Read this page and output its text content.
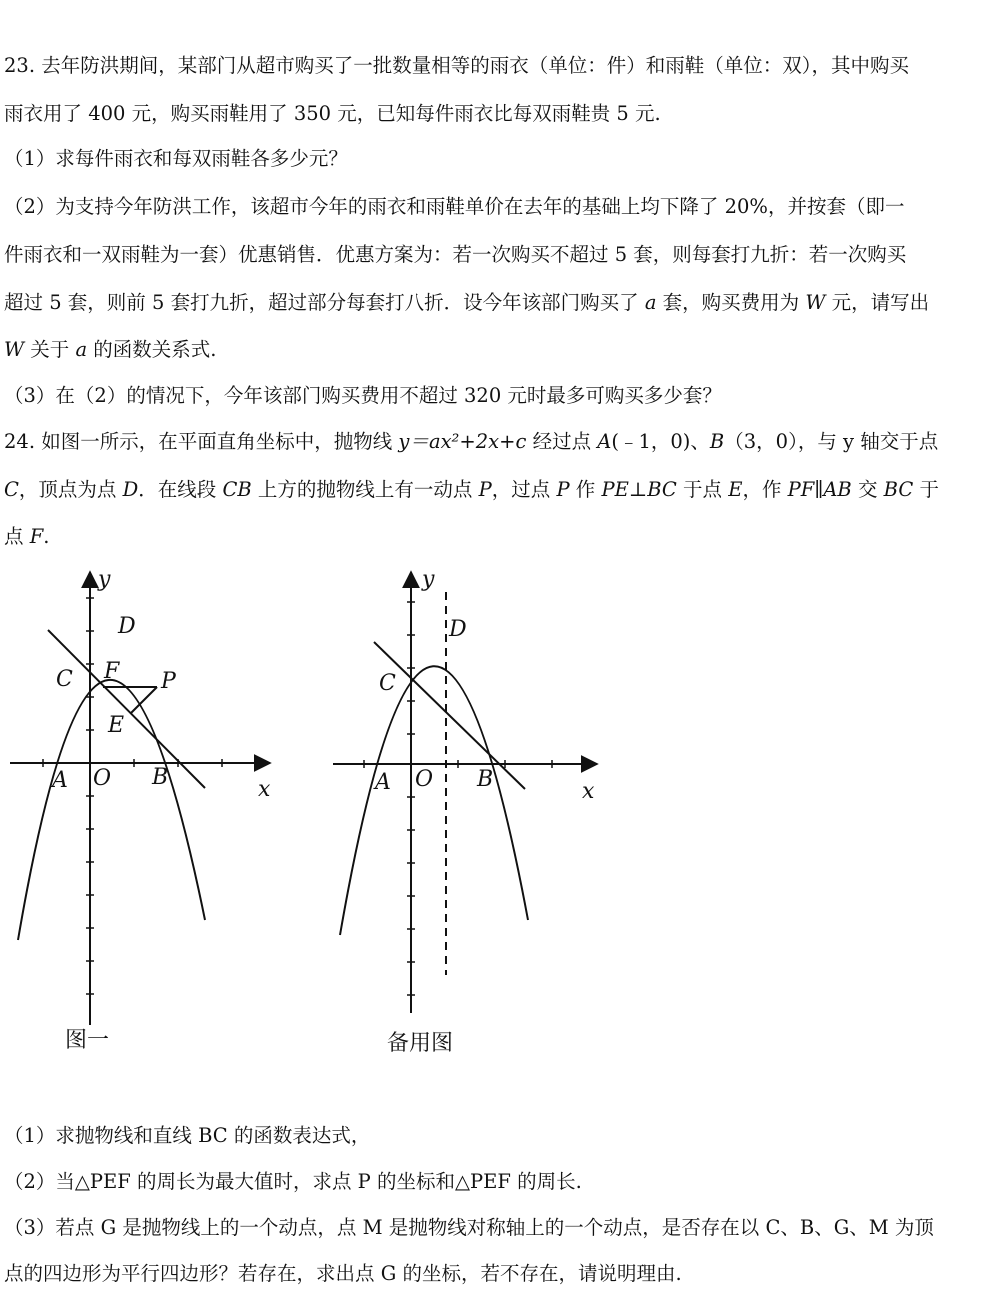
23. 去年防洪期间，某部门从超市购买了一批数量相等的雨衣（单位：件）和雨鞋（单位：双），其中购买
雨衣用了 400 元，购买雨鞋用了 350 元，已知每件雨衣比每双雨鞋贵 5 元.
（1）求每件雨衣和每双雨鞋各多少元？
（2）为支持今年防洪工作，该超市今年的雨衣和雨鞋单价在去年的基础上均下降了 20%，并按套（即一
件雨衣和一双雨鞋为一套）优惠销售．优惠方案为：若一次购买不超过 5 套，则每套打九折：若一次购买
超过 5 套，则前 5 套打九折，超过部分每套打八折．设今年该部门购买了 a 套，购买费用为 W 元，请写出
W 关于 a 的函数关系式.
（3）在（2）的情况下，今年该部门购买费用不超过 320 元时最多可购买多少套？
24. 如图一所示，在平面直角坐标中，抛物线 y＝ax²+2x+c 经过点 A(﹣1，0)、B（3，0），与 y 轴交于点
C，顶点为点 D．在线段 CB 上方的抛物线上有一动点 P，过点 P 作 PE⊥BC 于点 E，作 PF∥AB 交 BC 于
点 F.
y
x
O
A	B
C
D
F P
E
y
x
O
A	B
C
D
图一	备用图
（1）求抛物线和直线 BC 的函数表达式，
（2）当△PEF 的周长为最大值时，求点 P 的坐标和△PEF 的周长.
（3）若点 G 是抛物线上的一个动点，点 M 是抛物线对称轴上的一个动点，是否存在以 C、B、G、M 为顶
点的四边形为平行四边形？若存在，求出点 G 的坐标，若不存在，请说明理由.
